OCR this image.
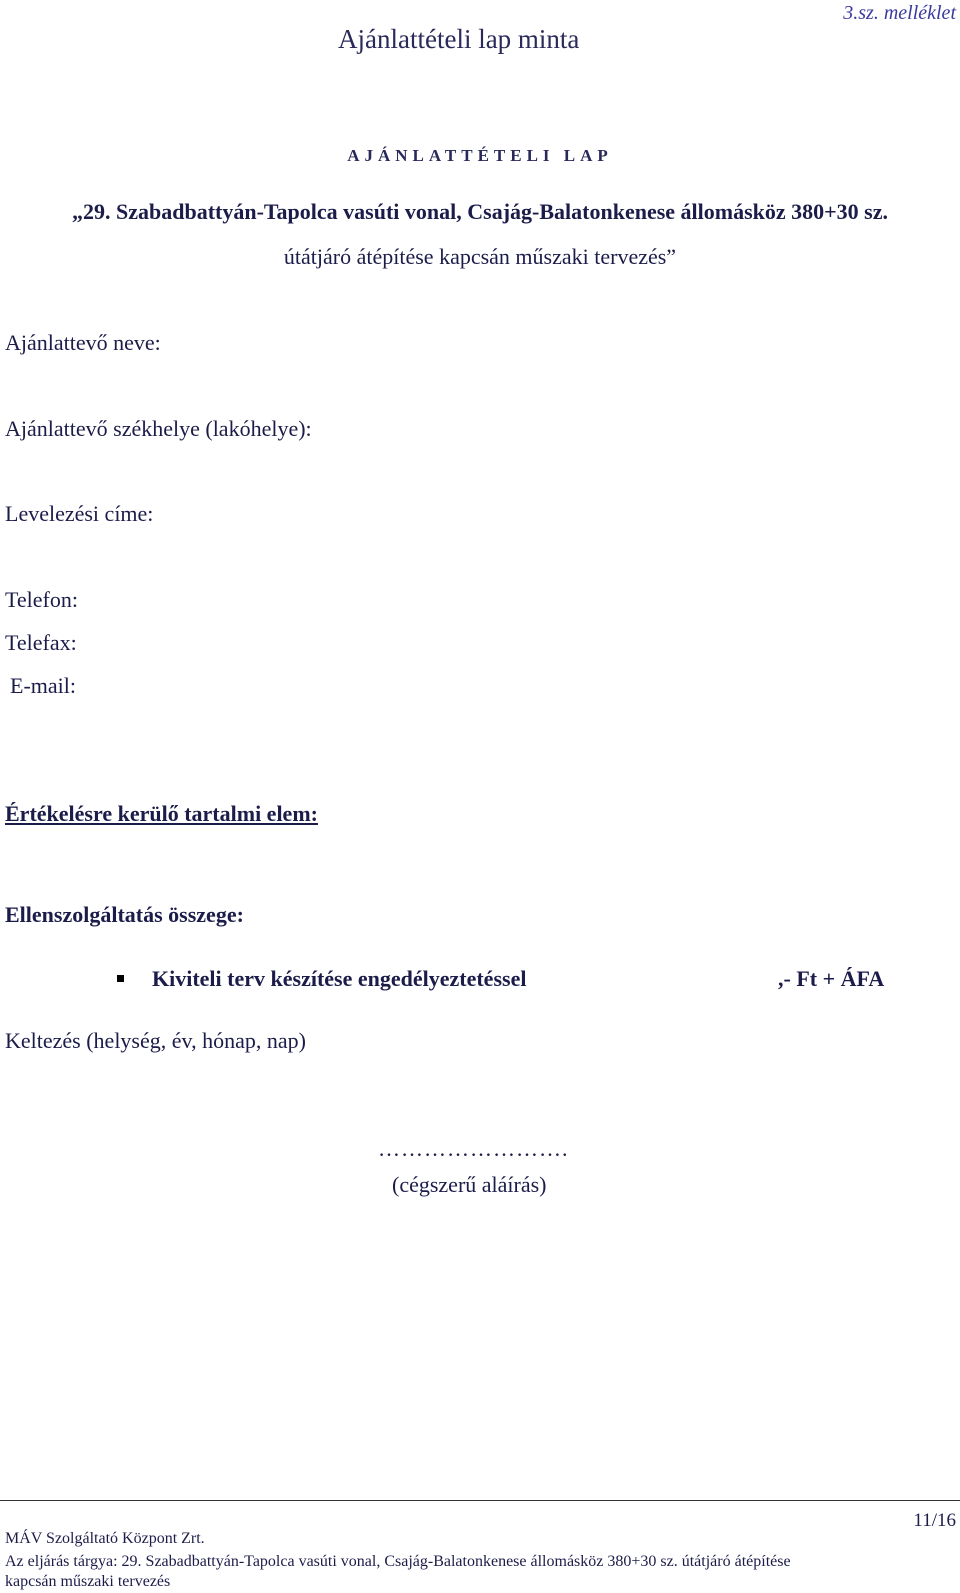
Ajánlattételi lap minta
3.sz. melléklet
AJÁNLATTÉTELI LAP
„29. Szabadbattyán-Tapolca vasúti vonal, Csajág-Balatonkenese állomásköz 380+30 sz.
útátjáró átépítése kapcsán műszaki tervezés”
Ajánlattevő neve:
Ajánlattevő székhelye (lakóhelye):
Levelezési címe:
Telefon:
Telefax:
E-mail:
Értékelésre kerülő tartalmi elem:
Ellenszolgáltatás összege:
Kiviteli terv készítése engedélyeztetéssel	,- Ft + ÁFA
Keltezés (helység, év, hónap, nap)
…………………….
(cégszerű aláírás)
11/16
MÁV Szolgáltató Központ Zrt.
Az eljárás tárgya: 29. Szabadbattyán-Tapolca vasúti vonal, Csajág-Balatonkenese állomásköz 380+30 sz. útátjáró átépítése
kapcsán műszaki tervezés
